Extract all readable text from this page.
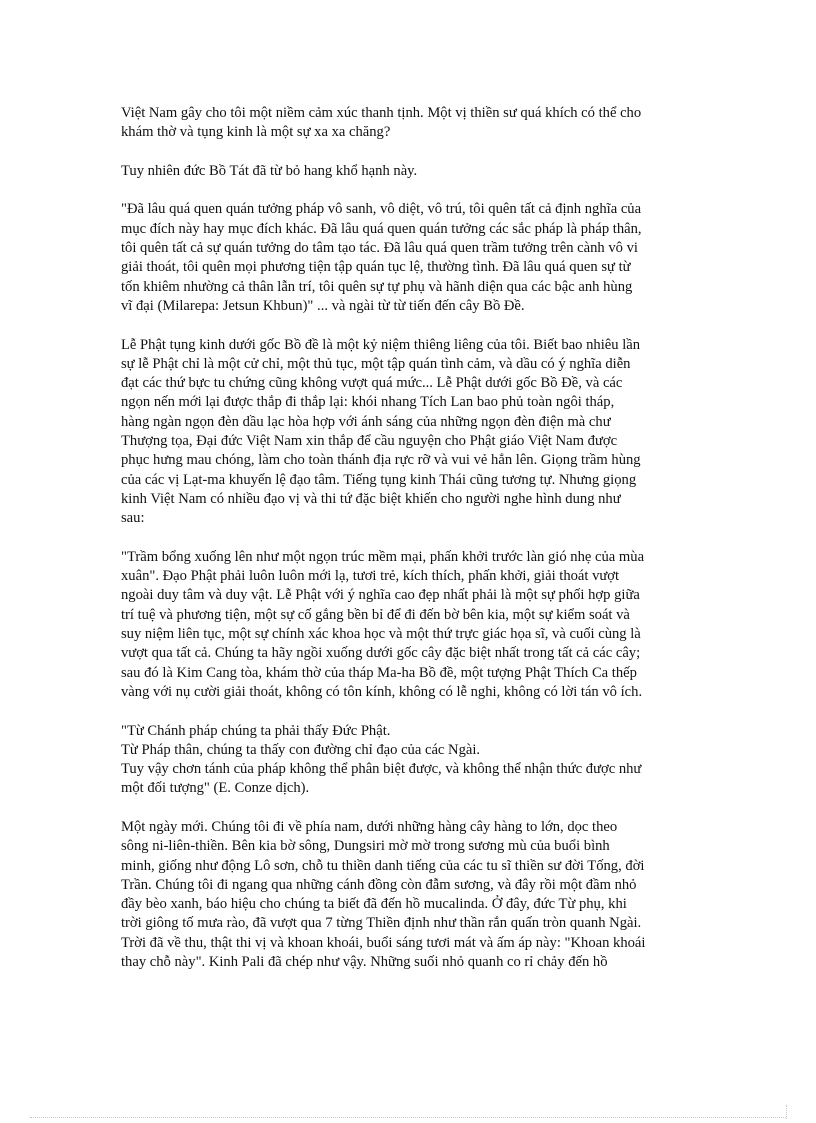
Việt Nam gây cho tôi một niềm cảm xúc thanh tịnh. Một vị thiền sư quá khích có thể cho
khám thờ và tụng kinh là một sự xa xa chăng?

Tuy nhiên đức Bồ Tát đã từ bỏ hang khổ hạnh này.

"Đã lâu quá quen quán tưởng pháp vô sanh, vô diệt, vô trú, tôi quên tất cả định nghĩa của
mục đích này hay mục đích khác. Đã lâu quá quen quán tưởng các sắc pháp là pháp thân,
tôi quên tất cả sự quán tưởng do tâm tạo tác. Đã lâu quá quen trầm tưởng trên cành vô vi
giải thoát, tôi quên mọi phương tiện tập quán tục lệ, thường tình. Đã lâu quá quen sự từ
tốn khiêm nhường cả thân lẫn trí, tôi quên sự tự phụ và hãnh diện qua các bậc anh hùng
vĩ đại (Milarepa: Jetsun Khbun)" ... và ngài từ từ tiến đến cây Bồ Đề.

Lễ Phật tụng kinh dưới gốc Bồ đề là một kỷ niệm thiêng liêng của tôi. Biết bao nhiêu lần
sự lễ Phật chỉ là một cử chỉ, một thủ tục, một tập quán tình cảm, và dầu có ý nghĩa diễn
đạt các thứ bực tu chứng cũng không vượt quá mức... Lễ Phật dưới gốc Bồ Đề, và các
ngọn nến mới lại được thắp đi thắp lại: khói nhang Tích Lan bao phủ toàn ngôi tháp,
hàng ngàn ngọn đèn dầu lạc hòa hợp với ánh sáng của những ngọn đèn điện mà chư
Thượng tọa, Đại đức Việt Nam xin thắp để cầu nguyện cho Phật giáo Việt Nam được
phục hưng mau chóng, làm cho toàn thánh địa rực rỡ và vui vẻ hẳn lên. Giọng trầm hùng
của các vị Lạt-ma khuyến lệ đạo tâm. Tiếng tụng kinh Thái cũng tương tự. Nhưng giọng
kinh Việt Nam có nhiều đạo vị và thi tứ đặc biệt khiến cho người nghe hình dung như
sau:

"Trầm bổng xuống lên như một ngọn trúc mềm mại, phấn khởi trước làn gió nhẹ của mùa
xuân". Đạo Phật phải luôn luôn mới lạ, tươi trẻ, kích thích, phấn khởi, giải thoát vượt
ngoài duy tâm và duy vật. Lễ Phật với ý nghĩa cao đẹp nhất phải là một sự phối hợp giữa
trí tuệ và phương tiện, một sự cố gắng bền bỉ để đi đến bờ bên kia, một sự kiểm soát và
suy niệm liên tục, một sự chính xác khoa học và một thứ trực giác họa sĩ, và cuối cùng là
vượt qua tất cả. Chúng ta hãy ngồi xuống dưới gốc cây đặc biệt nhất trong tất cả các cây;
sau đó là Kim Cang tòa, khám thờ của tháp Ma-ha Bồ đề, một tượng Phật Thích Ca thếp
vàng với nụ cười giải thoát, không có tôn kính, không có lễ nghi, không có lời tán vô ích.

"Từ Chánh pháp chúng ta phải thấy Đức Phật.
Từ Pháp thân, chúng ta thấy con đường chỉ đạo của các Ngài.
Tuy vậy chơn tánh của pháp không thể phân biệt được, và không thể nhận thức được như
một đối tượng" (E. Conze dịch).

Một ngày mới. Chúng tôi đi về phía nam, dưới những hàng cây hàng to lớn, dọc theo
sông ni-liên-thiền. Bên kia bờ sông, Dungsiri mờ mờ trong sương mù của buổi bình
minh, giống như động Lô sơn, chỗ tu thiền danh tiếng của các tu sĩ thiền sư đời Tống, đời
Trần. Chúng tôi đi ngang qua những cánh đồng còn đẫm sương, và đây rồi một đầm nhỏ
đầy bèo xanh, báo hiệu cho chúng ta biết đã đến hồ mucalinda. Ở đây, đức Từ phụ, khi
trời giông tố mưa rào, đã vượt qua 7 từng Thiền định như thần rắn quấn tròn quanh Ngài.
Trời đã về thu, thật thi vị và khoan khoái, buổi sáng tươi mát và ấm áp này: "Khoan khoái
thay chỗ này". Kinh Pali đã chép như vậy. Những suối nhỏ quanh co rỉ chảy đến hồ
